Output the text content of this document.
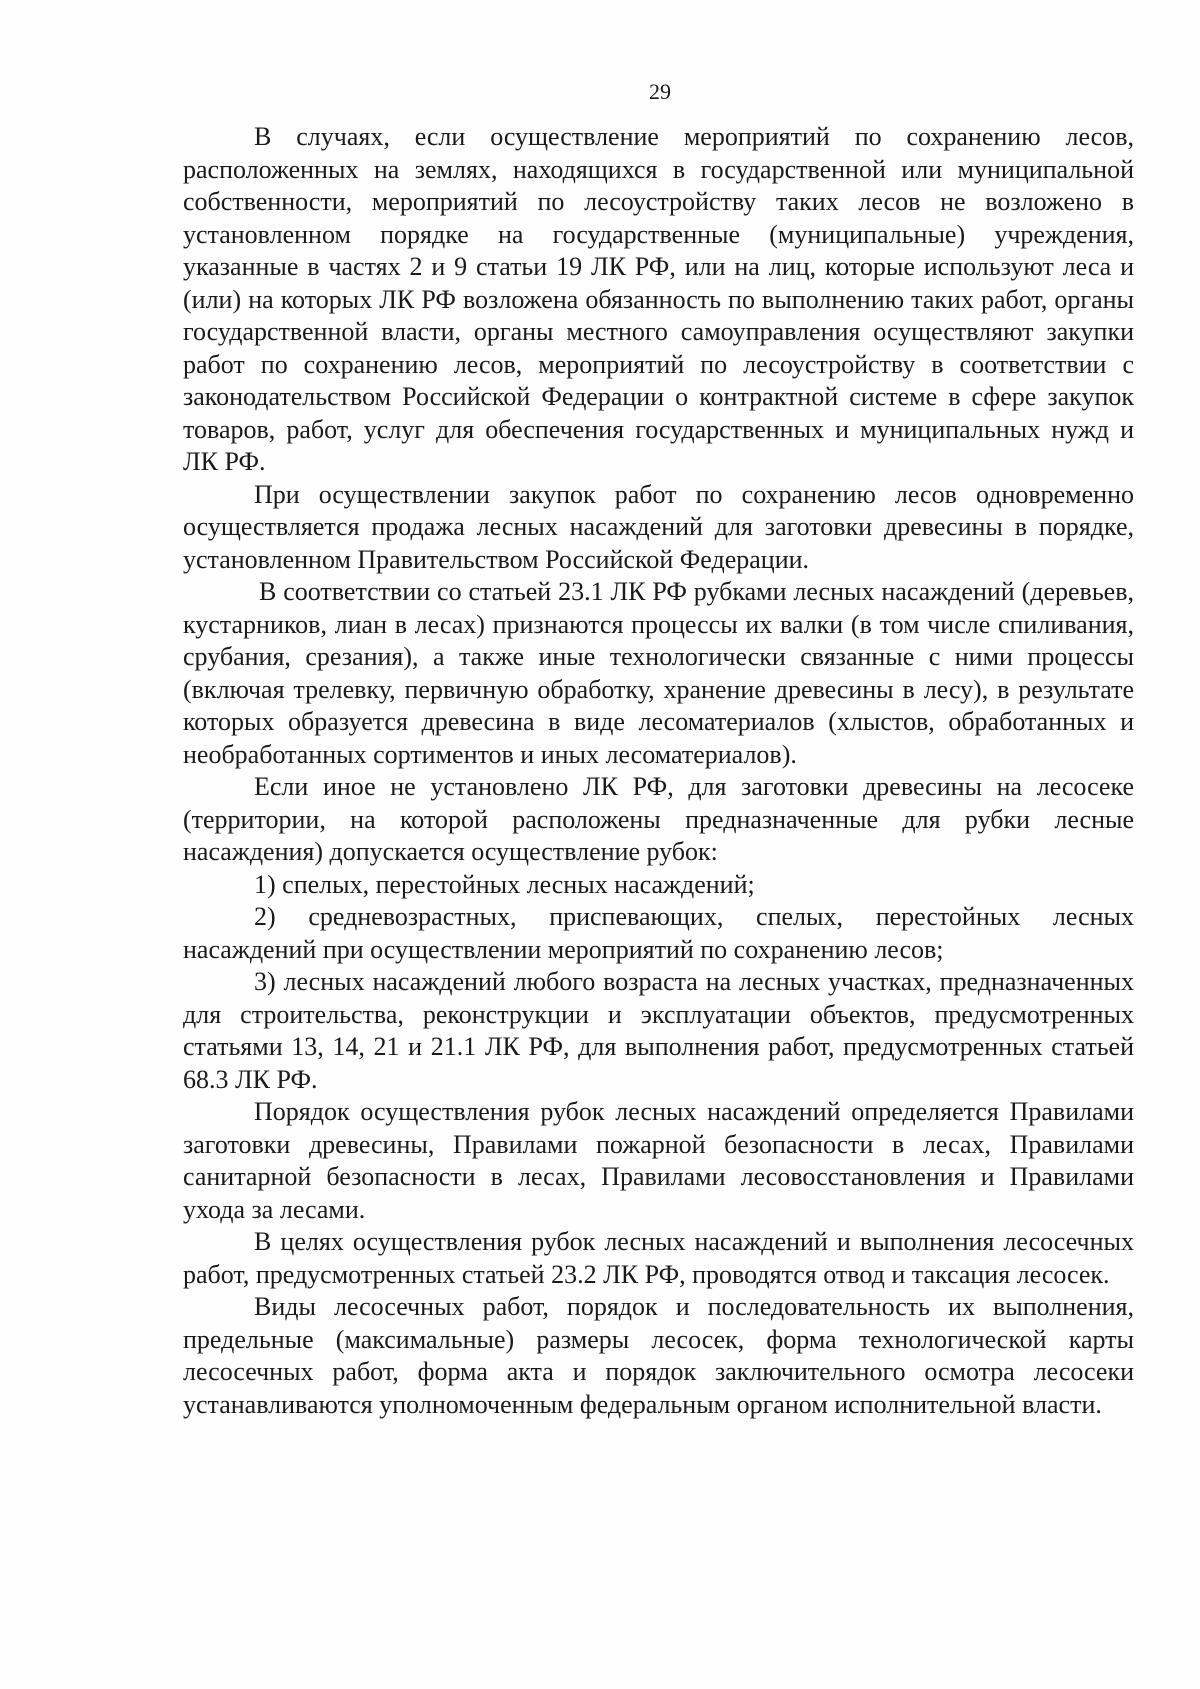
29

В случаях, если осуществление мероприятий по сохранению лесов, расположенных на землях, находящихся в государственной или муниципальной собственности, мероприятий по лесоустройству таких лесов не возложено в установленном порядке на государственные (муниципальные) учреждения, указанные в частях 2 и 9 статьи 19 ЛК РФ, или на лиц, которые используют леса и (или) на которых ЛК РФ возложена обязанность по выполнению таких работ, органы государственной власти, органы местного самоуправления осуществляют закупки работ по сохранению лесов, мероприятий по лесоустройству в соответствии с законодательством Российской Федерации о контрактной системе в сфере закупок товаров, работ, услуг для обеспечения государственных и муниципальных нужд и ЛК РФ.

При осуществлении закупок работ по сохранению лесов одновременно осуществляется продажа лесных насаждений для заготовки древесины в порядке, установленном Правительством Российской Федерации.

В соответствии со статьей 23.1 ЛК РФ рубками лесных насаждений (деревьев, кустарников, лиан в лесах) признаются процессы их валки (в том числе спиливания, срубания, срезания), а также иные технологически связанные с ними процессы (включая трелевку, первичную обработку, хранение древесины в лесу), в результате которых образуется древесина в виде лесоматериалов (хлыстов, обработанных и необработанных сортиментов и иных лесоматериалов).

Если иное не установлено ЛК РФ, для заготовки древесины на лесосеке (территории, на которой расположены предназначенные для рубки лесные насаждения) допускается осуществление рубок:

1) спелых, перестойных лесных насаждений;

2) средневозрастных, приспевающих, спелых, перестойных лесных насаждений при осуществлении мероприятий по сохранению лесов;

3) лесных насаждений любого возраста на лесных участках, предназначенных для строительства, реконструкции и эксплуатации объектов, предусмотренных статьями 13, 14, 21 и 21.1 ЛК РФ, для выполнения работ, предусмотренных статьей 68.3 ЛК РФ.

Порядок осуществления рубок лесных насаждений определяется Правилами заготовки древесины, Правилами пожарной безопасности в лесах, Правилами санитарной безопасности в лесах, Правилами лесовосстановления и Правилами ухода за лесами.

В целях осуществления рубок лесных насаждений и выполнения лесосечных работ, предусмотренных статьей 23.2 ЛК РФ, проводятся отвод и таксация лесосек.

Виды лесосечных работ, порядок и последовательность их выполнения, предельные (максимальные) размеры лесосек, форма технологической карты лесосечных работ, форма акта и порядок заключительного осмотра лесосеки устанавливаются уполномоченным федеральным органом исполнительной власти.
